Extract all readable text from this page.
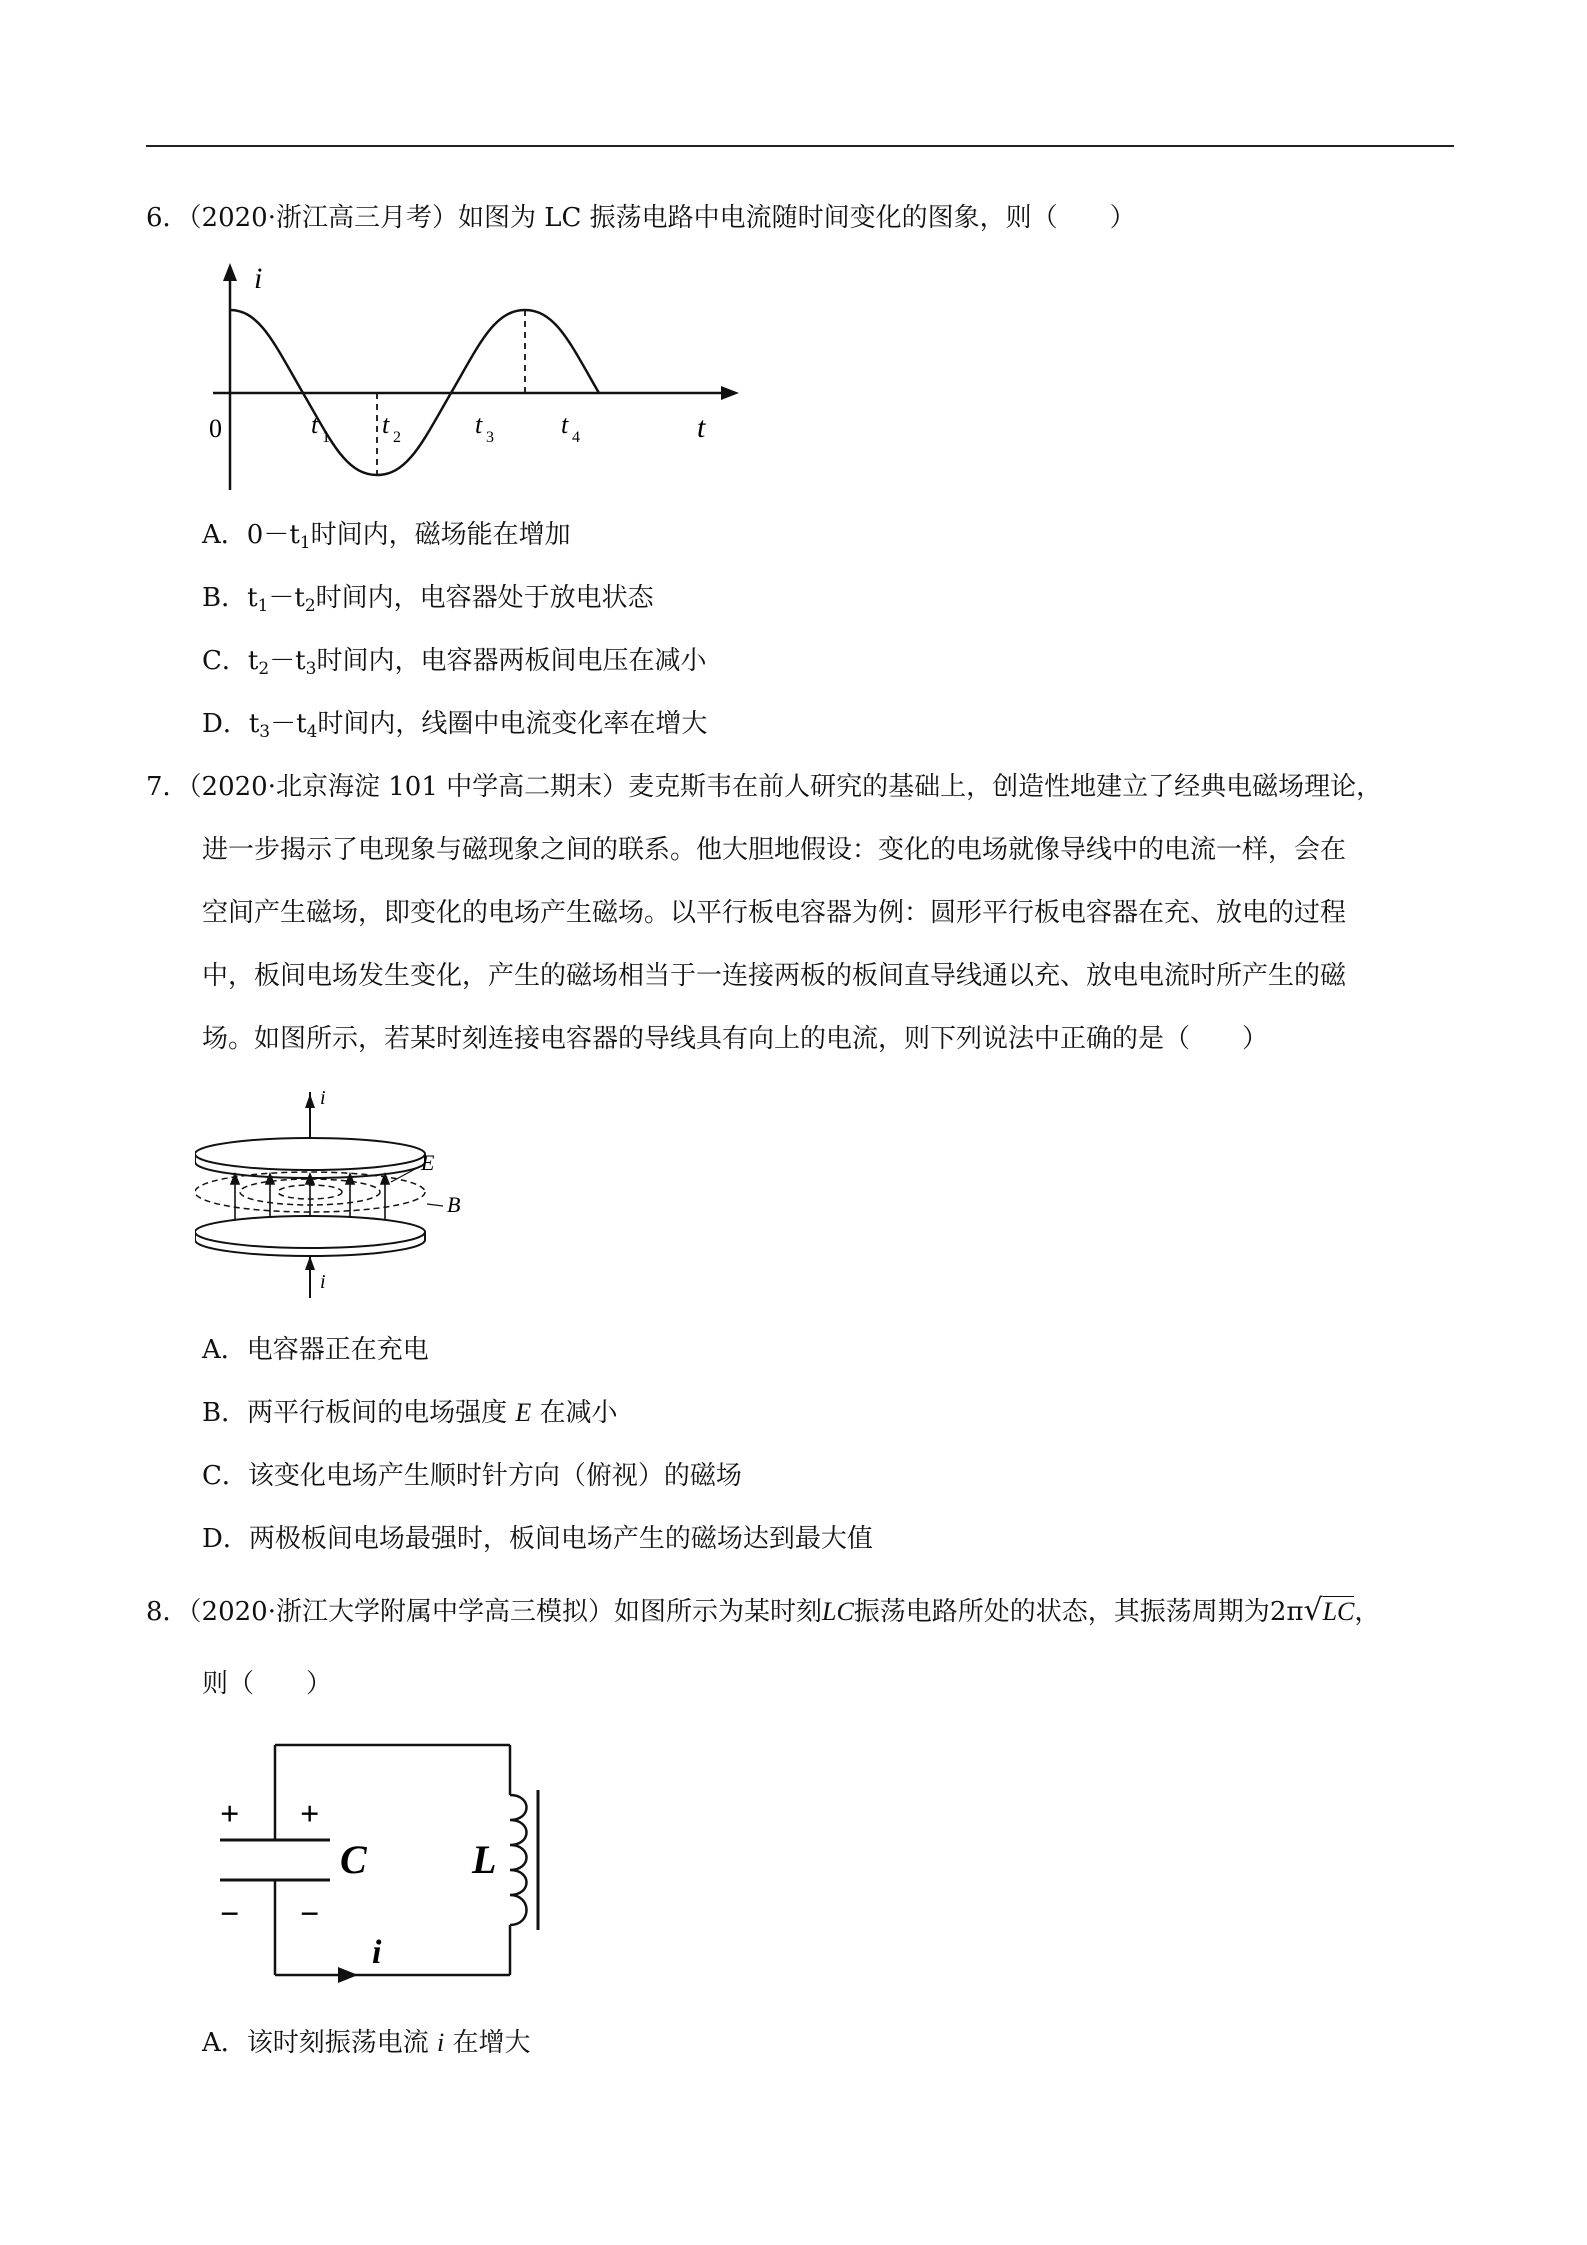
6．（2020·浙江高三月考）如图为 LC 振荡电路中电流随时间变化的图象，则（　　）
i
t
0	t 1 t 2	t 3	t 4
A．$0-t_1$时间内，磁场能在增加
B．$t_1-t_2$时间内，电容器处于放电状态
C．$t_2-t_3$时间内，电容器两板间电压在减小
D．$t_3-t_4$时间内，线圈中电流变化率在增大
7．（2020·北京海淀 101 中学高二期末）麦克斯韦在前人研究的基础上，创造性地建立了经典电磁场理论，
进一步揭示了电现象与磁现象之间的联系。他大胆地假设：变化的电场就像导线中的电流一样，会在
空间产生磁场，即变化的电场产生磁场。以平行板电容器为例：圆形平行板电容器在充、放电的过程
中，板间电场发生变化，产生的磁场相当于一连接两板的板间直导线通以充、放电电流时所产生的磁
场。如图所示，若某时刻连接电容器的导线具有向上的电流，则下列说法中正确的是（　　）
i
i
E
B
A．电容器正在充电
B．两平行板间的电场强度 E 在减小
C．该变化电场产生顺时针方向（俯视）的磁场
D．两极板间电场最强时，板间电场产生的磁场达到最大值
8．（2020·浙江大学附属中学高三模拟）如图所示为某时刻LC振荡电路所处的状态，其振荡周期为2π√LC，
则（　　）
+ +
− −
C	L
i
A．该时刻振荡电流 i 在增大
